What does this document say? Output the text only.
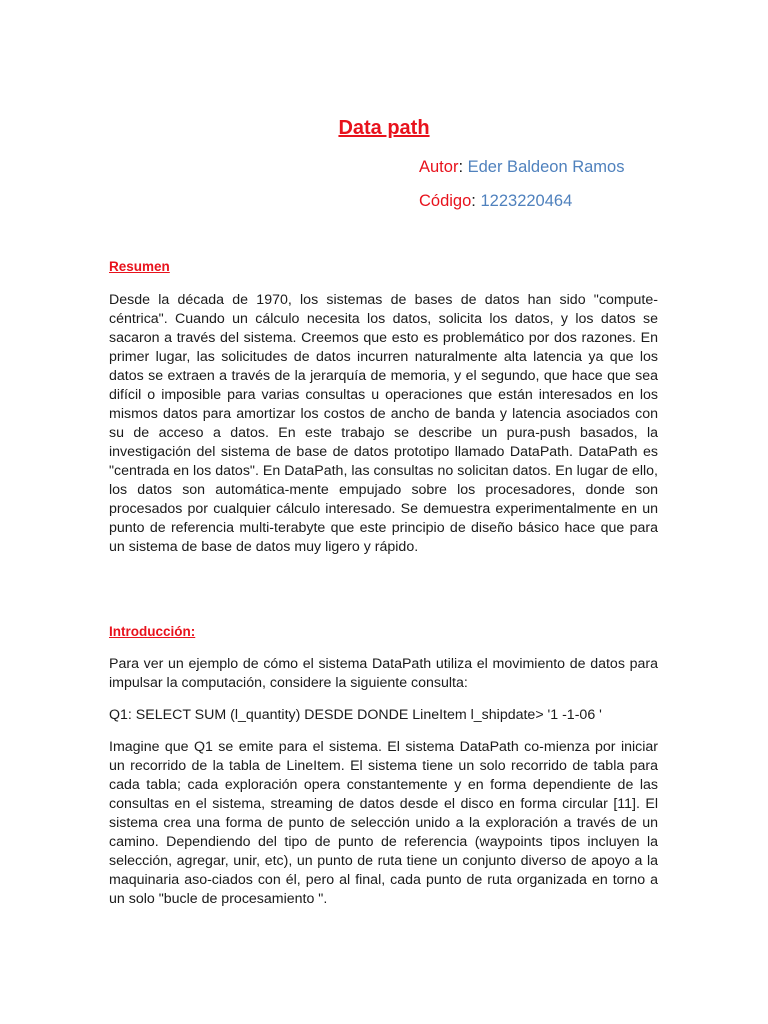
Data path
Autor: Eder Baldeon Ramos
Código: 1223220464
Resumen

Desde la década de 1970, los sistemas de bases de datos han sido "compute-céntrica". Cuando un cálculo necesita los datos, solicita los datos, y los datos se sacaron a través del sistema. Creemos que esto es problemático por dos razones. En primer lugar, las solicitudes de datos incurren naturalmente alta latencia ya que los datos se extraen a través de la jerarquía de memoria, y el segundo, que hace que sea difícil o imposible para varias consultas u operaciones que están interesados en los mismos datos para amortizar los costos de ancho de banda y latencia asociados con su de acceso a datos. En este trabajo se describe un pura-push basados, la investigación del sistema de base de datos prototipo llamado DataPath. DataPath es "centrada en los datos". En DataPath, las consultas no solicitan datos. En lugar de ello, los datos son automática-mente empujado sobre los procesadores, donde son procesados por cualquier cálculo interesado. Se demuestra experimentalmente en un punto de referencia multi-terabyte que este principio de diseño básico hace que para un sistema de base de datos muy ligero y rápido.

Introducción:

Para ver un ejemplo de cómo el sistema DataPath utiliza el movimiento de datos para impulsar la computación, considere la siguiente consulta:

Q1: SELECT SUM (l_quantity) DESDE DONDE LineItem l_shipdate> '1 -1-06 '

Imagine que Q1 se emite para el sistema. El sistema DataPath co-mienza por iniciar un recorrido de la tabla de LineItem. El sistema tiene un solo recorrido de tabla para cada tabla; cada exploración opera constantemente y en forma dependiente de las consultas en el sistema, streaming de datos desde el disco en forma circular [11]. El sistema crea una forma de punto de selección unido a la exploración a través de un camino. Dependiendo del tipo de punto de referencia (waypoints tipos incluyen la selección, agregar, unir, etc), un punto de ruta tiene un conjunto diverso de apoyo a la maquinaria aso-ciados con él, pero al final, cada punto de ruta organizada en torno a un solo "bucle de procesamiento ".
